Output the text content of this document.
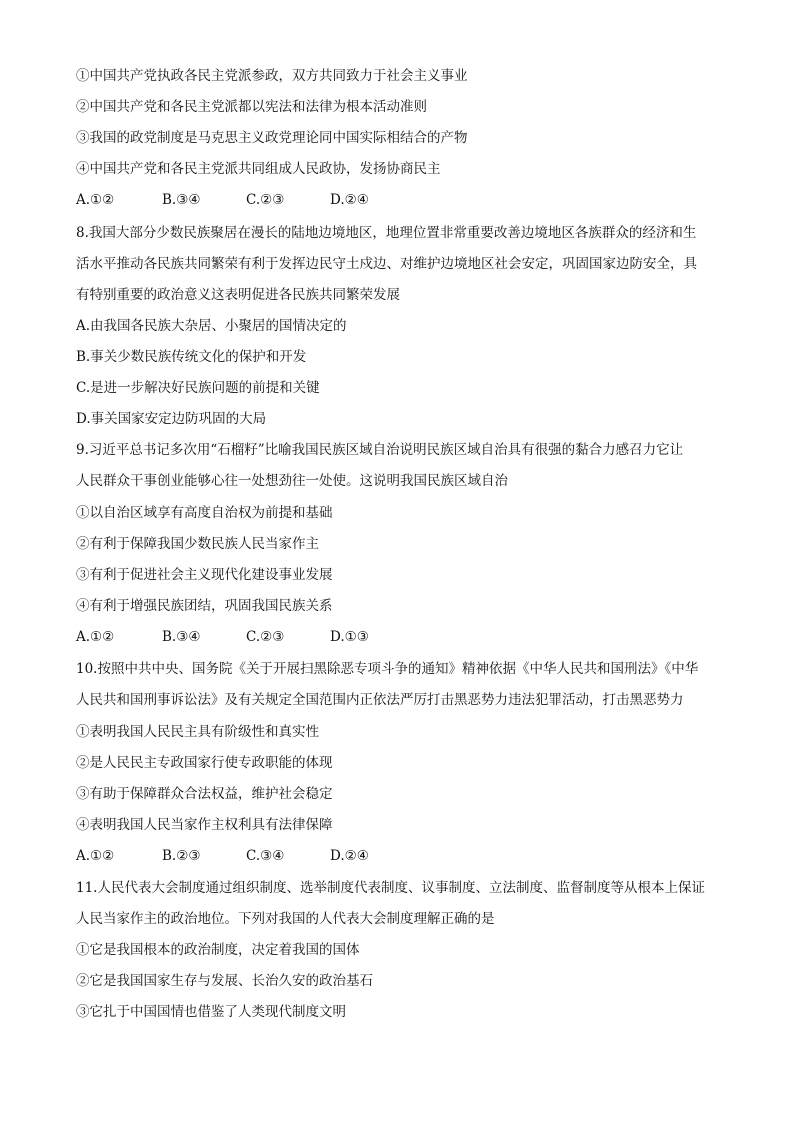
①中国共产党执政各民主党派参政，双方共同致力于社会主义事业
②中国共产党和各民主党派都以宪法和法律为根本活动准则
③我国的政党制度是马克思主义政党理论同中国实际相结合的产物
④中国共产党和各民主党派共同组成人民政协，发扬协商民主
A.①②	B.③④	C.②③	D.②④
8.我国大部分少数民族聚居在漫长的陆地边境地区，地理位置非常重要改善边境地区各族群众的经济和生
活水平推动各民族共同繁荣有利于发挥边民守土戍边、对维护边境地区社会安定，巩固国家边防安全，具
有特别重要的政治意义这表明促进各民族共同繁荣发展
A.由我国各民族大杂居、小聚居的国情决定的
B.事关少数民族传统文化的保护和开发
C.是进一步解决好民族问题的前提和关键
D.事关国家安定边防巩固的大局
9.习近平总书记多次用“石榴籽”比喻我国民族区域自治说明民族区域自治具有很强的黏合力感召力它让
人民群众干事创业能够心往一处想劲往一处使。这说明我国民族区域自治
①以自治区域享有高度自治权为前提和基础
②有利于保障我国少数民族人民当家作主
③有利于促进社会主义现代化建设事业发展
④有利于增强民族团结，巩固我国民族关系
A.①②	B.③④	C.②③	D.①③
10.按照中共中央、国务院《关于开展扫黑除恶专项斗争的通知》精神依据《中华人民共和国刑法》《中华
人民共和国刑事诉讼法》及有关规定全国范围内正依法严厉打击黑恶势力违法犯罪活动，打击黑恶势力
①表明我国人民民主具有阶级性和真实性
②是人民民主专政国家行使专政职能的体现
③有助于保障群众合法权益，维护社会稳定
④表明我国人民当家作主权利具有法律保障
A.①②	B.②③	C.③④	D.②④
11.人民代表大会制度通过组织制度、选举制度代表制度、议事制度、立法制度、监督制度等从根本上保证
人民当家作主的政治地位。下列对我国的人代表大会制度理解正确的是
①它是我国根本的政治制度，决定着我国的国体
②它是我国国家生存与发展、长治久安的政治基石
③它扎于中国国情也借鉴了人类现代制度文明
